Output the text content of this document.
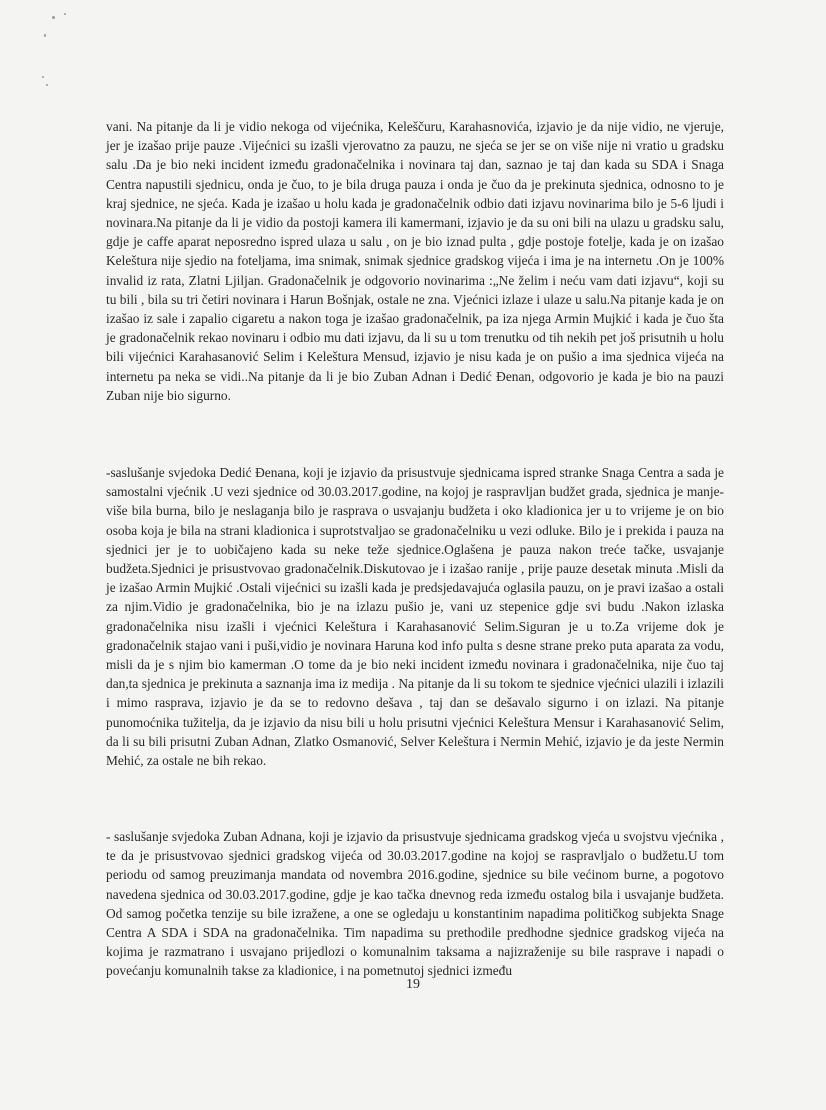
vani. Na pitanje da li je vidio nekoga od vijećnika, Keleščuru, Karahasnovića, izjavio je da nije vidio, ne vjeruje, jer je izašao prije pauze .Vijećnici su izašli vjerovatno za pauzu, ne sjeća se jer se on više nije ni vratio u gradsku salu .Da je bio neki incident između gradonačelnika i novinara taj dan, saznao je taj dan kada su SDA i Snaga Centra napustili sjednicu, onda je čuo, to je bila druga pauza i onda je čuo da je prekinuta sjednica, odnosno to je kraj sjednice, ne sjeća. Kada je izašao u holu kada je gradonačelnik odbio dati izjavu novinarima bilo je 5-6 ljudi i novinara.Na pitanje da li je vidio da postoji kamera ili kamermani, izjavio je da su oni bili na ulazu u gradsku salu, gdje je caffe aparat neposredno ispred ulaza u salu , on je bio iznad pulta , gdje postoje fotelje, kada je on izašao Keleštura nije sjedio na foteljama, ima snimak, snimak sjednice gradskog vijeća i ima je na internetu .On je 100% invalid iz rata, Zlatni Ljiljan. Gradonačelnik je odgovorio novinarima :„Ne želim i neću vam dati izjavu“, koji su tu bili , bila su tri četiri novinara i Harun Bošnjak, ostale ne zna. Vjećnici izlaze i ulaze u salu.Na pitanje kada je on izašao iz sale i zapalio cigaretu a nakon toga je izašao gradonačelnik, pa iza njega Armin Mujkić i kada je čuo šta je gradonačelnik rekao novinaru i odbio mu dati izjavu, da li su u tom trenutku od tih nekih pet još prisutnih u holu bili vijećnici Karahasanović Selim i Keleštura Mensud, izjavio je nisu kada je on pušio a ima sjednica vijeća na internetu pa neka se vidi..Na pitanje da li je bio Zuban Adnan i Dedić Đenan, odgovorio je kada je bio na pauzi Zuban nije bio sigurno.

-saslušanje svjedoka Dedić Đenana, koji je izjavio da prisustvuje sjednicama ispred stranke Snaga Centra a sada je samostalni vjećnik .U vezi sjednice od 30.03.2017.godine, na kojoj je raspravljan budžet grada, sjednica je manje-više bila burna, bilo je neslaganja bilo je rasprava o usvajanju budžeta i oko kladionica jer u to vrijeme je on bio osoba koja je bila na strani kladionica i suprotstvaljao se gradonačelniku u vezi odluke. Bilo je i prekida i pauza na sjednici jer je to uobičajeno kada su neke teže sjednice.Oglašena je pauza nakon treće tačke, usvajanje budžeta.Sjednici je prisustvovao gradonačelnik.Diskutovao je i izašao ranije , prije pauze desetak minuta .Misli da je izašao Armin Mujkić .Ostali vijećnici su izašli kada je predsjedavajuća oglasila pauzu, on je pravi izašao a ostali za njim.Vidio je gradonačelnika, bio je na izlazu pušio je, vani uz stepenice gdje svi budu .Nakon izlaska gradonačelnika nisu izašli i vjećnici Keleštura i Karahasanović Selim.Siguran je u to.Za vrijeme dok je gradonačelnik stajao vani i puši,vidio je novinara Haruna kod info pulta s desne strane preko puta aparata za vodu, misli da je s njim bio kamerman .O tome da je bio neki incident između novinara i gradonačelnika, nije čuo taj dan,ta sjednica je prekinuta a saznanja ima iz medija . Na pitanje da li su tokom te sjednice vjećnici ulazili i izlazili i mimo rasprava, izjavio je da se to redovno dešava , taj dan se dešavalo sigurno i on izlazi. Na pitanje punomoćnika tužitelja, da je izjavio da nisu bili u holu prisutni vjećnici Keleštura Mensur i Karahasanović Selim, da li su bili prisutni Zuban Adnan, Zlatko Osmanović, Selver Keleštura i Nermin Mehić, izjavio je da jeste Nermin Mehić, za ostale ne bih rekao.

- saslušanje svjedoka Zuban Adnana, koji je izjavio da prisustvuje sjednicama gradskog vjeća u svojstvu vjećnika , te da je prisustvovao sjednici gradskog vijeća od 30.03.2017.godine na kojoj se raspravljalo o budžetu.U tom periodu od samog preuzimanja mandata od novembra 2016.godine, sjednice su bile većinom burne, a pogotovo navedena sjednica od 30.03.2017.godine, gdje je kao tačka dnevnog reda između ostalog bila i usvajanje budžeta. Od samog početka tenzije su bile izražene, a one se ogledaju u konstantinim napadima političkog subjekta Snage Centra A SDA i SDA na gradonačelnika. Tim napadima su prethodile predhodne sjednice gradskog vijeća na kojima je razmatrano i usvajano prijedlozi o komunalnim taksama a najizraženije su bile rasprave i napadi o povećanju komunalnih takse za kladionice, i na pometnutoj sjednici između

19
